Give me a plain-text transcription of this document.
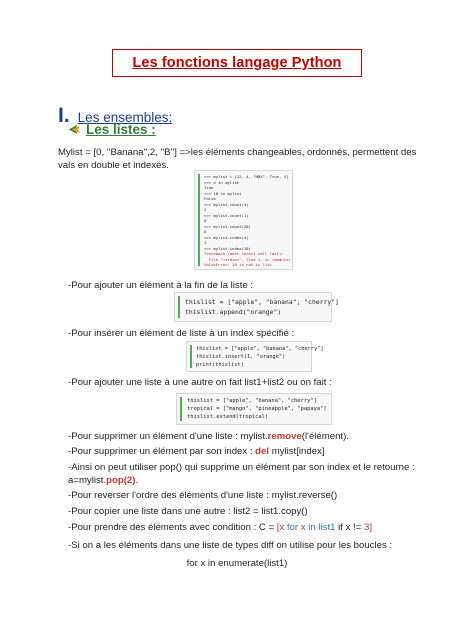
Les fonctions langage Python
I. Les ensembles:
Les listes :
Mylist = [0, ''Banana'',2, ''B''] =>les éléments changeables, ordonnés, permettent des vals en double et indexés.
>>> mylist = [12, 4, "NBX", True, 4]
>>> 4 in mylist
True
>>> 10 in mylist
False
>>> mylist.count(4)
2
>>> mylist.count(1)
0
>>> mylist.count(20)
0
>>> mylist.index(4)
1
>>> mylist.index(10)
Traceback (most recent call last):
File "<stdin>", line 1, in <module>
ValueError: 10 is not in list
-Pour ajouter un élément à la fin de la liste :
thislist = ["apple", "banana", "cherry"]
thislist.append("orange")
-Pour insérer un élément de liste à un index spécifié :
thislist = ["apple", "banana", "cherry"]
thislist.insert(1, "orange")
print(thislist)
-Pour ajouter une liste à une autre on fait list1+list2 ou on fait :
thislist = ["apple", "banana", "cherry"]
tropical = ["mango", "pineapple", "papaya"]
thislist.extend(tropical)
-Pour supprimer un élément d'une liste : mylist.remove(l'élément).
-Pour supprimer un élément par son index : del mylist[index]
-Ainsi on peut utiliser pop() qui supprime un élément par son index et le retourne :
a=mylist.pop(2).
-Pour reverser l'ordre des éléments d'une liste : mylist.reverse()
-Pour copier une liste dans une autre : list2 = list1.copy()
-Pour prendre des éléments avec condition : C = [x for x in list1 if x != 3]
-Si on a les éléments dans une liste de types diff on utilise pour les boucles :
for x in enumerate(list1)
